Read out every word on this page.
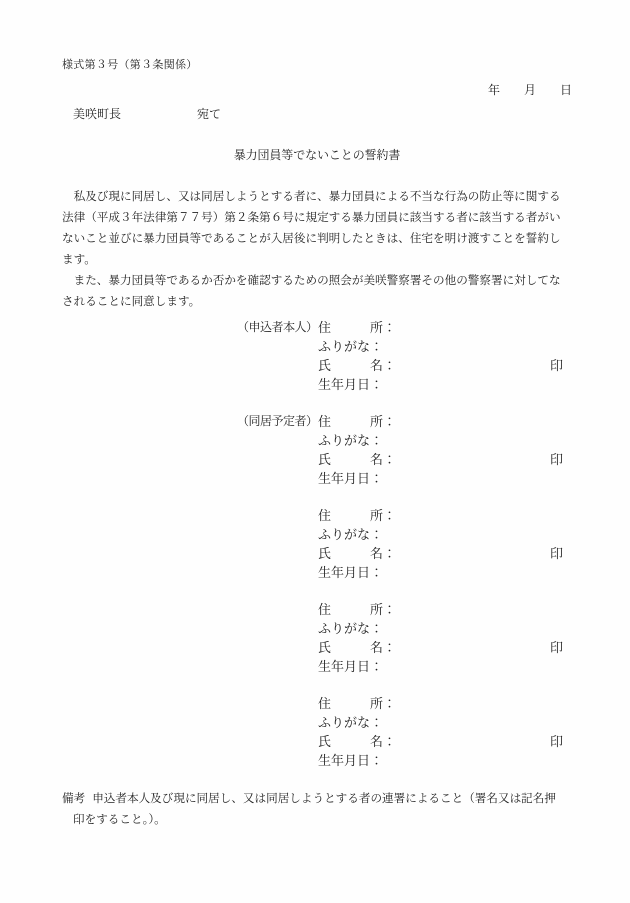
様式第３号（第３条関係）
年　　月　　日
美咲町長	宛て
暴力団員等でないことの誓約書
　私及び現に同居し、又は同居しようとする者に、暴力団員による不当な行為の防止等に関する
法律（平成３年法律第７７号）第２条第６号に規定する暴力団員に該当する者に該当する者がい
ないこと並びに暴力団員等であることが入居後に判明したときは、住宅を明け渡すことを誓約し
ます。
　また、暴力団員等であるか否かを確認するための照会が美咲警察署その他の警察署に対してな
されることに同意します。
（申込者本人） 住　　　所：
ふりがな：
氏　　　名：	印
生年月日：
（同居予定者） 住　　　所：
ふりがな：
氏　　　名：	印
生年月日：
住　　　所：
ふりがな：
氏　　　名：	印
生年月日：
住　　　所：
ふりがな：
氏　　　名：	印
生年月日：
住　　　所：
ふりがな：
氏　　　名：	印
生年月日：
備考 申込者本人及び現に同居し、又は同居しようとする者の連署によること（署名又は記名押
印をすること。）。
